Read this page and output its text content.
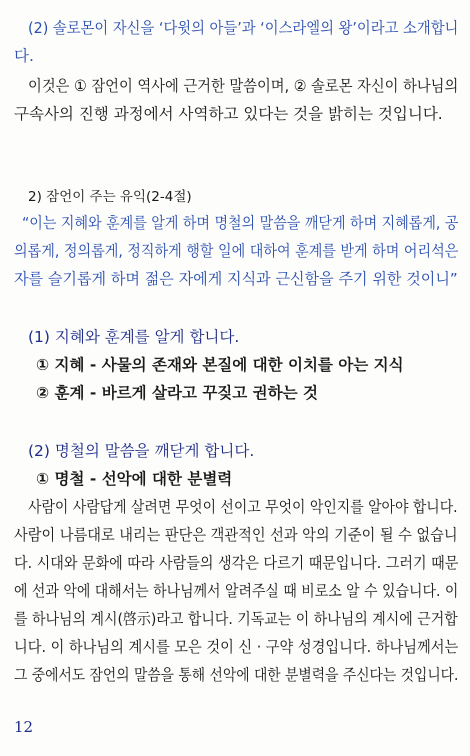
(2) 솔로몬이 자신을 ‘다윗의 아들’과 ‘이스라엘의 왕’이라고 소개합니
다.
이것은 ① 잠언이 역사에 근거한 말씀이며, ② 솔로몬 자신이 하나님의
구속사의 진행 과정에서 사역하고 있다는 것을 밝히는 것입니다.
2) 잠언이 주는 유익(2-4절)
“이는 지혜와 훈계를 알게 하며 명철의 말씀을 깨닫게 하며 지혜롭게, 공
의롭게, 정의롭게, 정직하게 행할 일에 대하여 훈계를 받게 하며 어리석은
자를 슬기롭게 하며 젊은 자에게 지식과 근신함을 주기 위한 것이니”
(1) 지혜와 훈계를 알게 합니다.
① 지혜 - 사물의 존재와 본질에 대한 이치를 아는 지식
② 훈계 - 바르게 살라고 꾸짖고 권하는 것
(2) 명철의 말씀을 깨닫게 합니다.
① 명철 - 선악에 대한 분별력
사람이 사람답게 살려면 무엇이 선이고 무엇이 악인지를 알아야 합니다.
사람이 나름대로 내리는 판단은 객관적인 선과 악의 기준이 될 수 없습니
다. 시대와 문화에 따라 사람들의 생각은 다르기 때문입니다. 그러기 때문
에 선과 악에 대해서는 하나님께서 알려주실 때 비로소 알 수 있습니다. 이
를 하나님의 계시(啓示)라고 합니다. 기독교는 이 하나님의 계시에 근거합
니다. 이 하나님의 계시를 모은 것이 신 · 구약 성경입니다. 하나님께서는
그 중에서도 잠언의 말씀을 통해 선악에 대한 분별력을 주신다는 것입니다.
12
